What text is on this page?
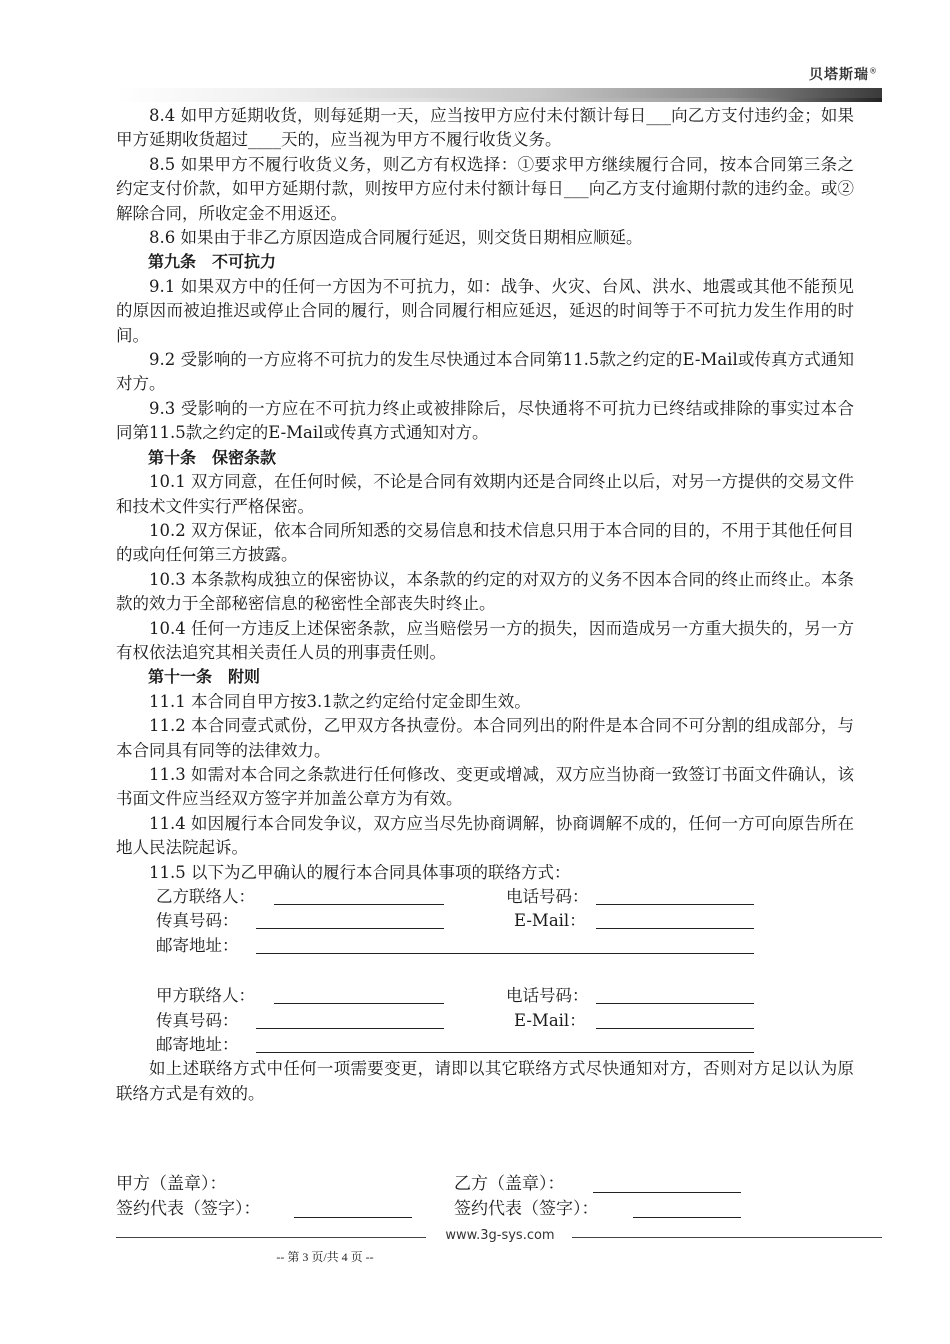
贝塔斯瑞®

8.4 如甲方延期收货，则每延期一天，应当按甲方应付未付额计每日___向乙方支付违约金；如果甲方延期收货超过____天的，应当视为甲方不履行收货义务。

8.5 如果甲方不履行收货义务，则乙方有权选择：①要求甲方继续履行合同，按本合同第三条之约定支付价款，如甲方延期付款，则按甲方应付未付额计每日___向乙方支付逾期付款的违约金。或②解除合同，所收定金不用返还。

8.6 如果由于非乙方原因造成合同履行延迟，则交货日期相应顺延。

第九条　不可抗力

9.1 如果双方中的任何一方因为不可抗力，如：战争、火灾、台风、洪水、地震或其他不能预见的原因而被迫推迟或停止合同的履行，则合同履行相应延迟，延迟的时间等于不可抗力发生作用的时间。

9.2 受影响的一方应将不可抗力的发生尽快通过本合同第11.5款之约定的E-Mail或传真方式通知对方。

9.3 受影响的一方应在不可抗力终止或被排除后，尽快通将不可抗力已终结或排除的事实过本合同第11.5款之约定的E-Mail或传真方式通知对方。

第十条　保密条款

10.1 双方同意，在任何时候，不论是合同有效期内还是合同终止以后，对另一方提供的交易文件和技术文件实行严格保密。

10.2 双方保证，依本合同所知悉的交易信息和技术信息只用于本合同的目的，不用于其他任何目的或向任何第三方披露。

10.3 本条款构成独立的保密协议，本条款的约定的对双方的义务不因本合同的终止而终止。本条款的效力于全部秘密信息的秘密性全部丧失时终止。

10.4 任何一方违反上述保密条款，应当赔偿另一方的损失，因而造成另一方重大损失的，另一方有权依法追究其相关责任人员的刑事责任则。

第十一条　附则

11.1 本合同自甲方按3.1款之约定给付定金即生效。

11.2 本合同壹式贰份，乙甲双方各执壹份。本合同列出的附件是本合同不可分割的组成部分，与本合同具有同等的法律效力。

11.3 如需对本合同之条款进行任何修改、变更或增减，双方应当协商一致签订书面文件确认，该书面文件应当经双方签字并加盖公章方为有效。

11.4 如因履行本合同发争议，双方应当尽先协商调解，协商调解不成的，任何一方可向原告所在地人民法院起诉。

11.5 以下为乙甲确认的履行本合同具体事项的联络方式：

乙方联络人：	电话号码：
传真号码：	E-Mail：
邮寄地址：
甲方联络人：	电话号码：
传真号码：	E-Mail：
邮寄地址：

如上述联络方式中任何一项需要变更，请即以其它联络方式尽快通知对方，否则对方足以认为原联络方式是有效的。

甲方（盖章）：	乙方（盖章）：
签约代表（签字）：	签约代表（签字）：
www.3g-sys.com
-- 第 3 页/共 4 页 --
